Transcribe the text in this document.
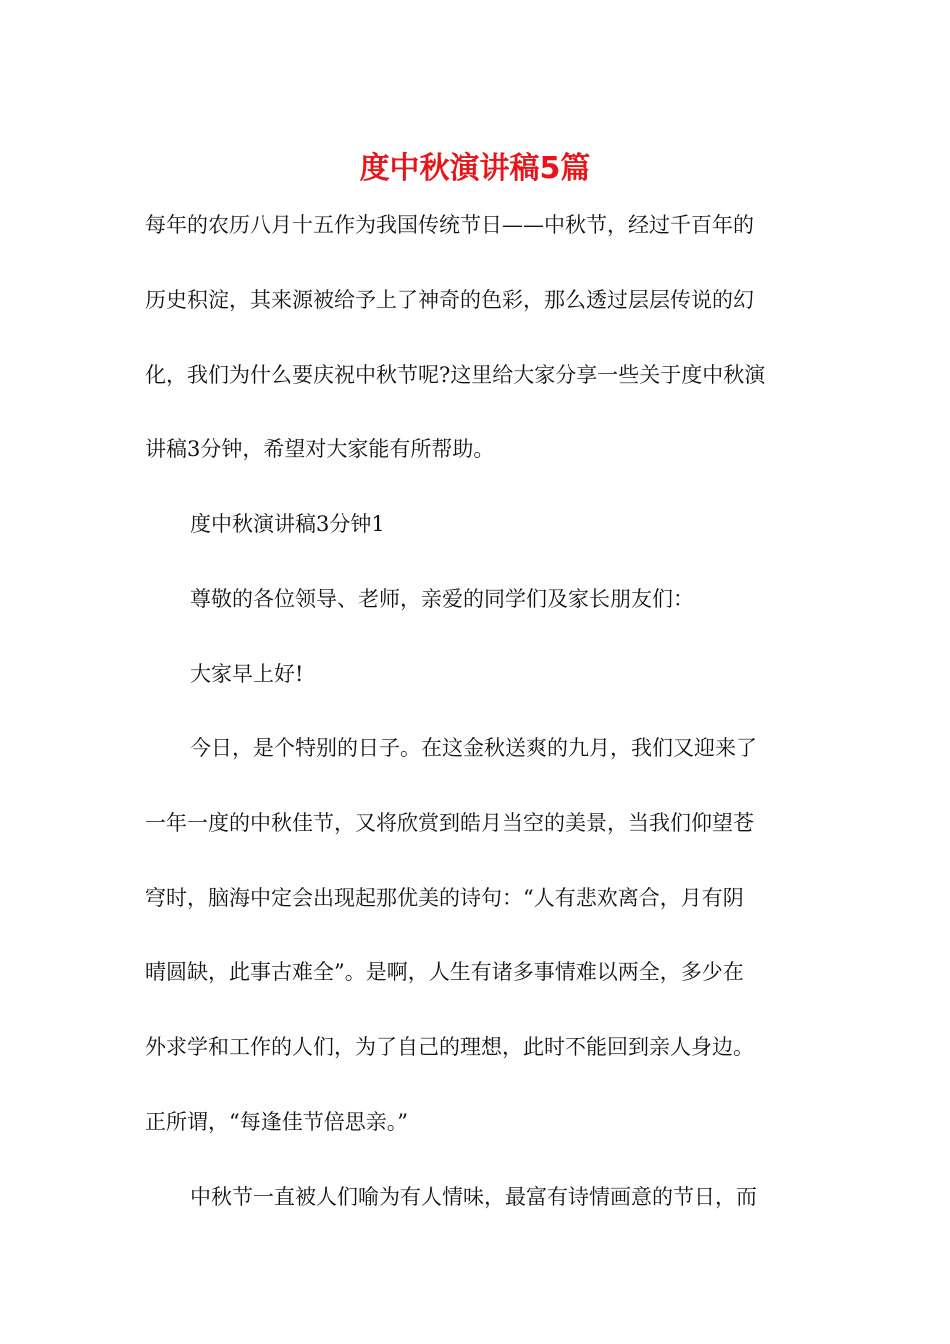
度中秋演讲稿5篇

每年的农历八月十五作为我国传统节日——中秋节，经过千百年的

历史积淀，其来源被给予上了神奇的色彩，那么透过层层传说的幻

化，我们为什么要庆祝中秋节呢?这里给大家分享一些关于度中秋演

讲稿3分钟，希望对大家能有所帮助。

度中秋演讲稿3分钟1

尊敬的各位领导、老师，亲爱的同学们及家长朋友们：

大家早上好!

今日，是个特别的日子。在这金秋送爽的九月，我们又迎来了

一年一度的中秋佳节，又将欣赏到皓月当空的美景，当我们仰望苍

穹时，脑海中定会出现起那优美的诗句：“人有悲欢离合，月有阴

晴圆缺，此事古难全”。是啊，人生有诸多事情难以两全，多少在

外求学和工作的人们，为了自己的理想，此时不能回到亲人身边。

正所谓，“每逢佳节倍思亲。”

中秋节一直被人们喻为有人情味，最富有诗情画意的节日，而
